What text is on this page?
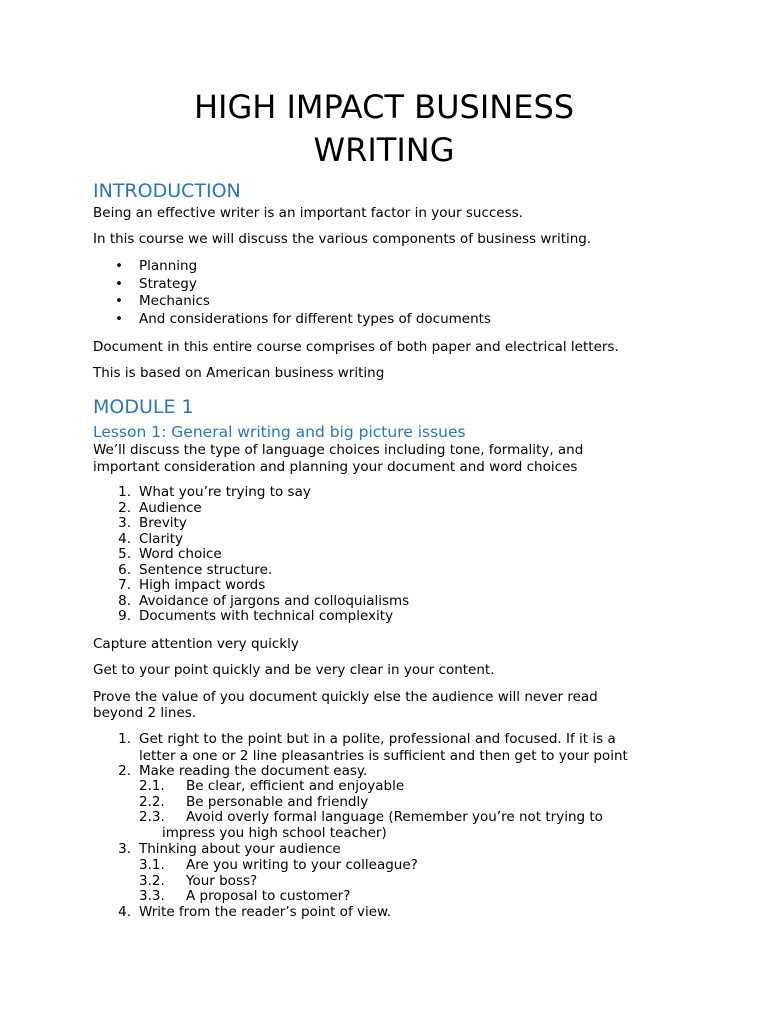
HIGH IMPACT BUSINESS
WRITING
INTRODUCTION

Being an effective writer is an important factor in your success.

In this course we will discuss the various components of business writing.

• Planning
• Strategy
• Mechanics
• And considerations for different types of documents

Document in this entire course comprises of both paper and electrical letters.

This is based on American business writing

MODULE 1
Lesson 1: General writing and big picture issues

We’ll discuss the type of language choices including tone, formality, and

important consideration and planning your document and word choices

1. What you’re trying to say
2. Audience
3. Brevity
4. Clarity
5. Word choice
6. Sentence structure.
7. High impact words
8. Avoidance of jargons and colloquialisms
9. Documents with technical complexity

Capture attention very quickly

Get to your point quickly and be very clear in your content.

Prove the value of you document quickly else the audience will never read

beyond 2 lines.

1. Get right to the point but in a polite, professional and focused. If it is a
letter a one or 2 line pleasantries is sufficient and then get to your point
2. Make reading the document easy.
2.1. Be clear, efficient and enjoyable
2.2. Be personable and friendly
2.3. Avoid overly formal language (Remember you’re not trying to
impress you high school teacher)
3. Thinking about your audience
3.1. Are you writing to your colleague?
3.2. Your boss?
3.3. A proposal to customer?
4. Write from the reader’s point of view.
